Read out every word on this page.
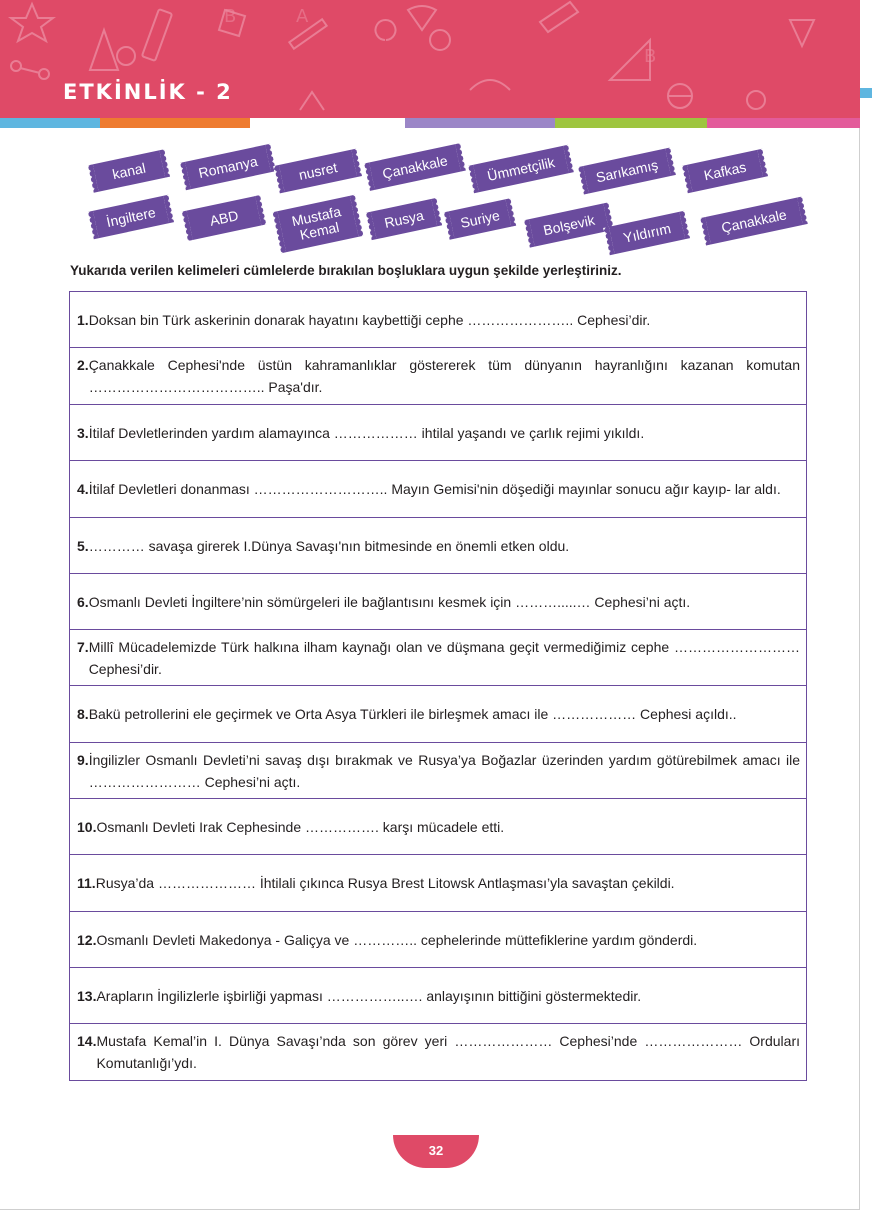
B	A
B
ETKİNLİK - 2
kanal	Romanya	nusret	Çanakkale	Ümmetçilik	Sarıkamış	Kafkas
İngiltere	ABD	Mustafa Kemal
Rusya	Suriye	Bolşevik	Yıldırım	Çanakkale
Yukarıda verilen kelimeleri cümlelerde bırakılan boşluklara uygun şekilde yerleştiriniz.
1. Doksan bin Türk askerinin donarak hayatını kaybettiği cephe ………………….. Cephesi’dir.
2. Çanakkale Cephesi'nde üstün kahramanlıklar göstererek tüm dünyanın hayranlığını kazanan komutan ……………………………….. Paşa'dır.
3. İtilaf Devletlerinden yardım alamayınca ……………… ihtilal yaşandı ve çarlık rejimi yıkıldı.
4. İtilaf Devletleri donanması ……………………….. Mayın Gemisi'nin döşediği mayınlar sonucu ağır kayıp- lar aldı.
5. ………… savaşa girerek I.Dünya Savaşı'nın bitmesinde en önemli etken oldu.
6. Osmanlı Devleti İngiltere’nin sömürgeleri ile bağlantısını kesmek için ……….....… Cephesi’ni açtı.
7. Millî Mücadelemizde Türk halkına ilham kaynağı olan ve düşmana geçit vermediğimiz cephe ……………………… Cephesi’dir.
8. Bakü petrollerini ele geçirmek ve Orta Asya Türkleri ile birleşmek amacı ile ……………… Cephesi açıldı..
9. İngilizler Osmanlı Devleti’ni savaş dışı bırakmak ve Rusya’ya Boğazlar üzerinden yardım götürebilmek amacı ile …………………… Cephesi’ni açtı.
10. Osmanlı Devleti Irak Cephesinde ……………. karşı mücadele etti.
11. Rusya’da ………………… İhtilali çıkınca Rusya Brest Litowsk Antlaşması’yla savaştan çekildi.
12. Osmanlı Devleti Makedonya - Galiçya ve ………….. cephelerinde müttefiklerine yardım gönderdi.
13. Arapların İngilizlerle işbirliği yapması ……………..…. anlayışının bittiğini göstermektedir.
14. Mustafa Kemal’in I. Dünya Savaşı’nda son görev yeri ………………… Cephesi’nde ………………… Orduları Komutanlığı’ydı.
32
